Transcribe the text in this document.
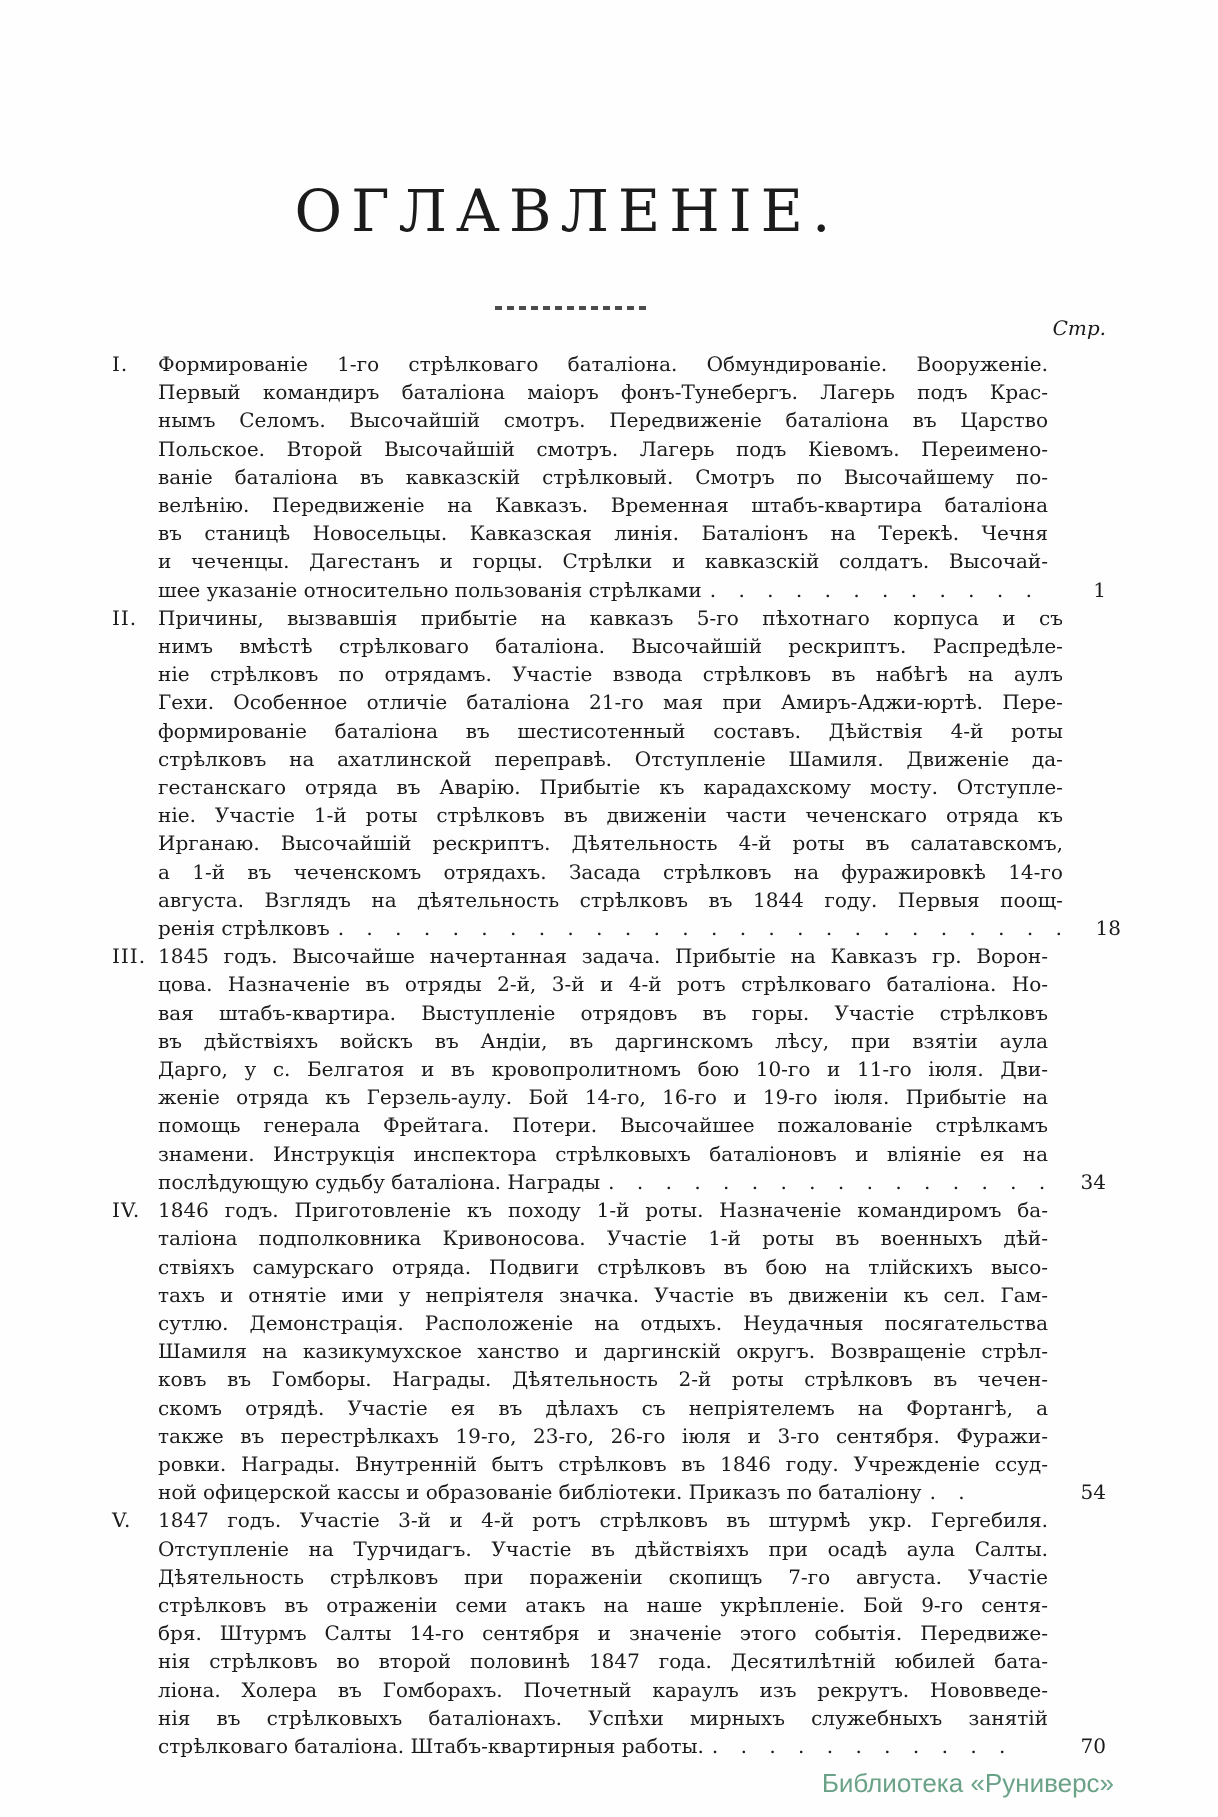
ОГЛАВЛЕНІЕ.
Стр.
I.	Формированіе 1-го стрѣлковаго баталіона. Обмундированіе. Вооруженіе.
Первый командиръ баталіона маіоръ фонъ-Тунебергъ. Лагерь подъ Крас-
нымъ Селомъ. Высочайшій смотръ. Передвиженіе баталіона въ Царство
Польское. Второй Высочайшій смотръ. Лагерь подъ Кіевомъ. Переимено-
ваніе баталіона въ кавказскій стрѣлковый. Смотръ по Высочайшему по-
велѣнію. Передвиженіе на Кавказъ. Временная штабъ-квартира баталіона
въ станицѣ Новосельцы. Кавказская линія. Баталіонъ на Терекѣ. Чечня
и чеченцы. Дагестанъ и горцы. Стрѣлки и кавказскій солдатъ. Высочай-
шее указаніе относительно пользованія стрѣлками . . . . . . . . . . . .	1
II.	Причины, вызвавшія прибытіе на кавказъ 5-го пѣхотнаго корпуса и съ
нимъ вмѣстѣ стрѣлковаго баталіона. Высочайшій рескриптъ. Распредѣле-
ніе стрѣлковъ по отрядамъ. Участіе взвода стрѣлковъ въ набѣгѣ на аулъ
Гехи. Особенное отличіе баталіона 21-го мая при Амиръ-Аджи-юртѣ. Пере-
формированіе баталіона въ шестисотенный составъ. Дѣйствія 4-й роты
стрѣлковъ на ахатлинской переправѣ. Отступленіе Шамиля. Движеніе да-
гестанскаго отряда въ Аварію. Прибытіе къ карадахскому мосту. Отступле-
ніе. Участіе 1-й роты стрѣлковъ въ движеніи части чеченскаго отряда къ
Ирганаю. Высочайшій рескриптъ. Дѣятельность 4-й роты въ салатавскомъ,
а 1-й въ чеченскомъ отрядахъ. Засада стрѣлковъ на фуражировкѣ 14-го
августа. Взглядъ на дѣятельность стрѣлковъ въ 1844 году. Первыя поощ-
ренія стрѣлковъ . . . . . . . . . . . . . . . . . . . . . . . . . .	18
III. 1845 годъ. Высочайше начертанная задача. Прибытіе на Кавказъ гр. Ворон-
цова. Назначеніе въ отряды 2-й, 3-й и 4-й ротъ стрѣлковаго баталіона. Но-
вая штабъ-квартира. Выступленіе отрядовъ въ горы. Участіе стрѣлковъ
въ дѣйствіяхъ войскъ въ Андіи, въ даргинскомъ лѣсу, при взятіи аула
Дарго, у с. Белгатоя и въ кровопролитномъ бою 10-го и 11-го іюля. Дви-
женіе отряда къ Герзель-аулу. Бой 14-го, 16-го и 19-го іюля. Прибытіе на
помощь генерала Фрейтага. Потери. Высочайшее пожалованіе стрѣлкамъ
знамени. Инструкція инспектора стрѣлковыхъ баталіоновъ и вліяніе ея на
послѣдующую судьбу баталіона. Награды . . . . . . . . . . . . . . . .	34
IV. 1846 годъ. Приготовленіе къ походу 1-й роты. Назначеніе командиромъ ба-
таліона подполковника Кривоносова. Участіе 1-й роты въ военныхъ дѣй-
ствіяхъ самурскаго отряда. Подвиги стрѣлковъ въ бою на тлійскихъ высо-
тахъ и отнятіе ими у непріятеля значка. Участіе въ движеніи къ сел. Гам-
сутлю. Демонстрація. Расположеніе на отдыхъ. Неудачныя посягательства
Шамиля на казикумухское ханство и даргинскій округъ. Возвращеніе стрѣл-
ковъ въ Гомборы. Награды. Дѣятельность 2-й роты стрѣлковъ въ чечен-
скомъ отрядѣ. Участіе ея въ дѣлахъ съ непріятелемъ на Фортангѣ, а
также въ перестрѣлкахъ 19-го, 23-го, 26-го іюля и 3-го сентября. Фуражи-
ровки. Награды. Внутренній бытъ стрѣлковъ въ 1846 году. Учрежденіе ссуд-
ной офицерской кассы и образованіе библіотеки. Приказъ по баталіону . .	54
V.	1847 годъ. Участіе 3-й и 4-й ротъ стрѣлковъ въ штурмѣ укр. Гергебиля.
Отступленіе на Турчидагъ. Участіе въ дѣйствіяхъ при осадѣ аула Салты.
Дѣятельность стрѣлковъ при пораженіи скопищъ 7-го августа. Участіе
стрѣлковъ въ отраженіи семи атакъ на наше укрѣпленіе. Бой 9-го сентя-
бря. Штурмъ Салты 14-го сентября и значеніе этого событія. Передвиже-
нія стрѣлковъ во второй половинѣ 1847 года. Десятилѣтній юбилей бата-
ліона. Холера въ Гомборахъ. Почетный караулъ изъ рекрутъ. Нововведе-
нія въ стрѣлковыхъ баталіонахъ. Успѣхи мирныхъ служебныхъ занятій
стрѣлковаго баталіона. Штабъ-квартирныя работы. . . . . . . . . . . .	70
Библиотека «Руниверс»
